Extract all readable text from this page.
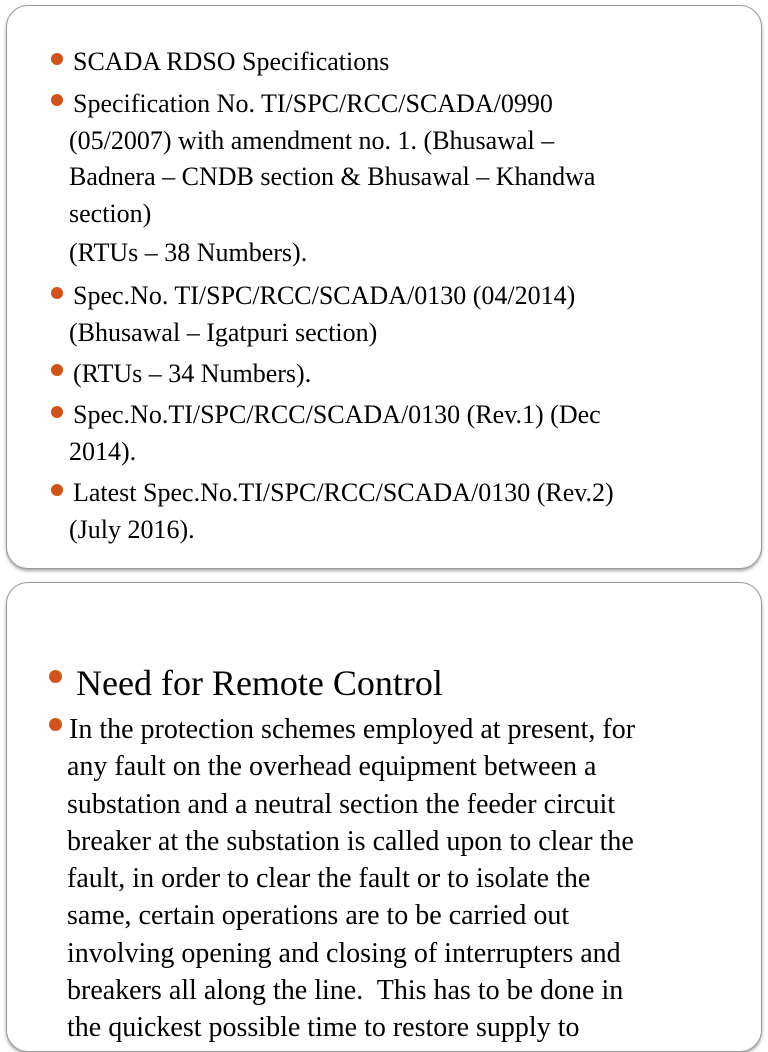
SCADA RDSO Specifications
Specification No. TI/SPC/RCC/SCADA/0990
(05/2007) with amendment no. 1. (Bhusawal –
Badnera – CNDB section & Bhusawal – Khandwa
section)
(RTUs – 38 Numbers).
Spec.No. TI/SPC/RCC/SCADA/0130 (04/2014)
(Bhusawal – Igatpuri section)
(RTUs – 34 Numbers).
Spec.No.TI/SPC/RCC/SCADA/0130 (Rev.1) (Dec
2014).
Latest Spec.No.TI/SPC/RCC/SCADA/0130 (Rev.2)
(July 2016).
Need for Remote Control
In the protection schemes employed at present, for
any fault on the overhead equipment between a
substation and a neutral section the feeder circuit
breaker at the substation is called upon to clear the
fault, in order to clear the fault or to isolate the
same, certain operations are to be carried out
involving opening and closing of interrupters and
breakers all along the line.  This has to be done in
the quickest possible time to restore supply to
